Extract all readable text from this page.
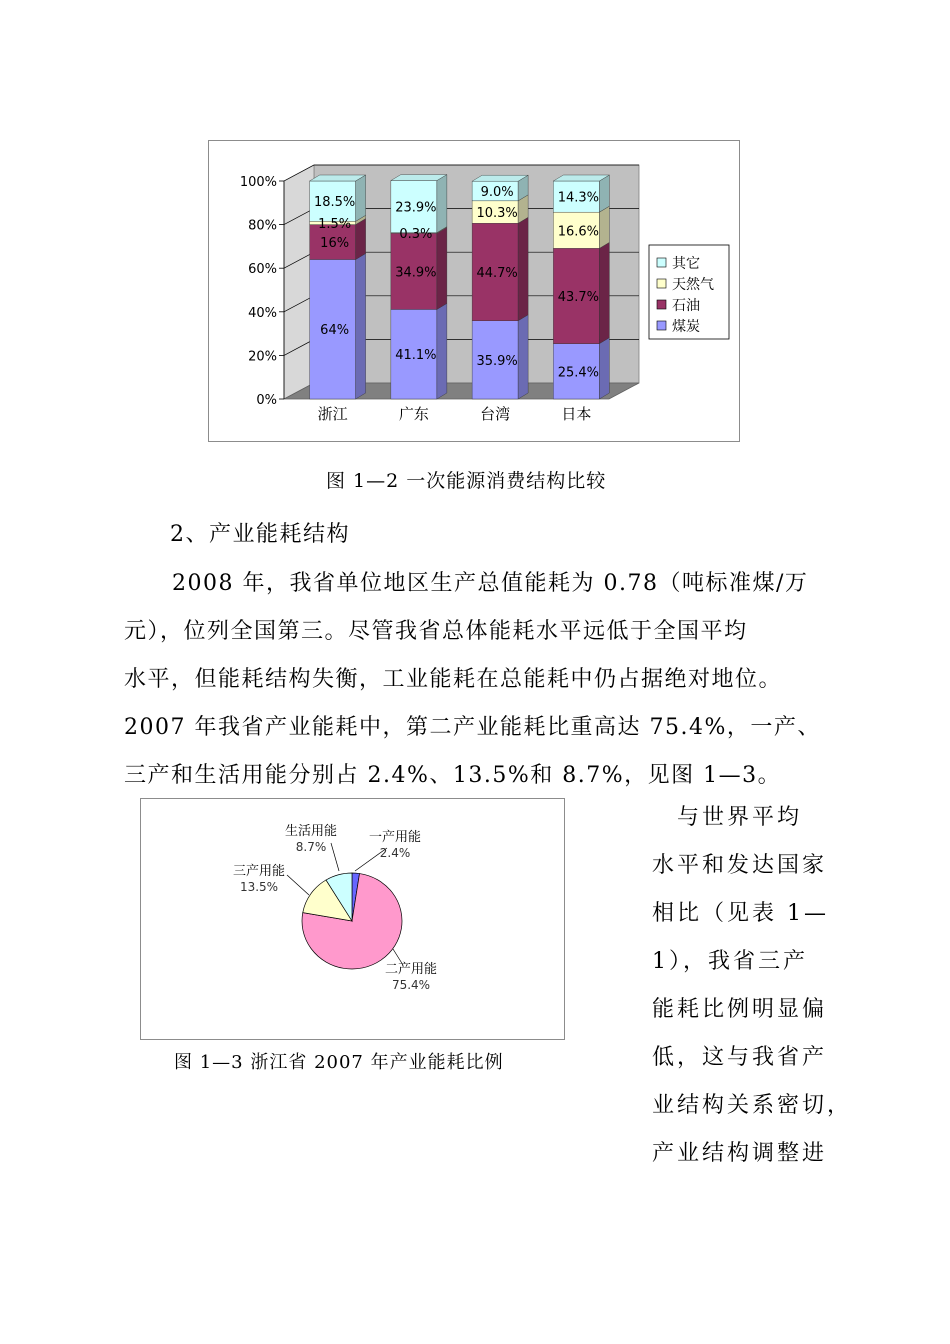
0%
20%
40%
60%
80%
100%
64%
16%
1.5%
18.5%
浙江
41.1%
34.9%
0.3%
23.9%
广东
35.9%
44.7%
10.3%
9.0%
台湾
25.4%
43.7%
16.6%
14.3%
日本
其它
天然气
石油
煤炭
图 1—2 一次能源消费结构比较
2、产业能耗结构
2008 年，我省单位地区生产总值能耗为 0.78（吨标准煤/万
元），位列全国第三。尽管我省总体能耗水平远低于全国平均
水平，但能耗结构失衡，工业能耗在总能耗中仍占据绝对地位。
2007 年我省产业能耗中，第二产业能耗比重高达 75.4%，一产、
三产和生活用能分别占 2.4%、13.5%和 8.7%，见图 1—3。
一产用能
2.4%
二产用能
75.4%
三产用能
13.5%
生活用能
8.7%
图 1—3 浙江省 2007 年产业能耗比例
　与世界平均
水平和发达国家
相比（见表 1—
1），我省三产
能耗比例明显偏
低，这与我省产
业结构关系密切，
产业结构调整进
